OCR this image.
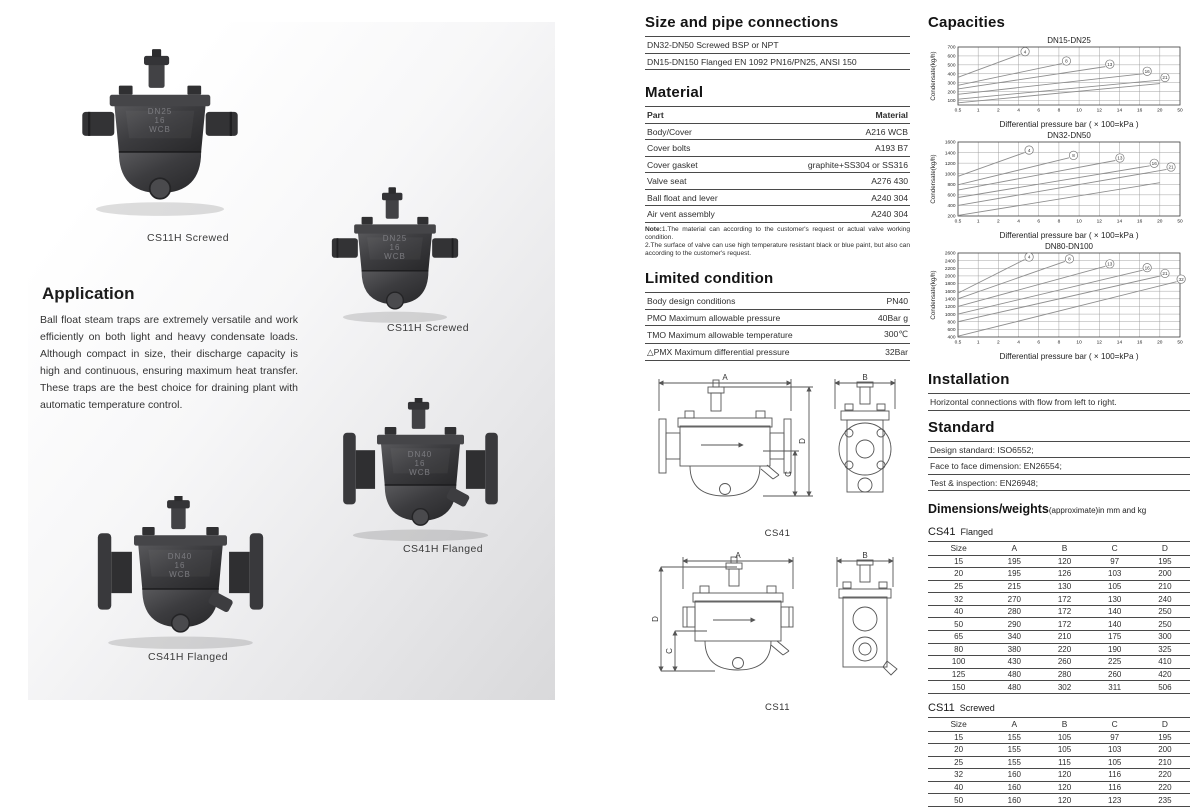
DN25
16
WCB
CS11H Screwed	DN25
16
WCB
CS11H Screwed
DN40
16
WCB
CS41H Flanged
DN40
16
WCB
CS41H Flanged
Application
Ball float steam traps are extremely versatile and work efficiently on both light and heavy condensate loads. Although compact in size, their discharge capacity is high and continuous, ensuring maximum heat transfer. These traps are the best choice for draining plant with automatic temperature control.
Size and pipe connections
DN32-DN50 Screwed BSP or NPT
DN15-DN150 Flanged EN 1092 PN16/PN25, ANSI 150
Material
Part	Material
Body/Cover	A216 WCB
Cover bolts	A193 B7
Cover gasket	graphite+SS304 or SS316
Valve seat	A276 430
Ball float and lever	A240 304
Air vent assembly	A240 304
Note:1.The material can according to the customer's request or actual valve working condition.
2.The surface of valve can use high temperature resistant black or blue paint, but also can according to the customer's request.
Limited condition
Body design conditions	PN40
PMO Maximum allowable pressure	40Bar g
TMO Maximum allowable temperature	300℃
△PMX Maximum differential pressure	32Bar
A	B
C
D
CS41
A	B
C
D
CS11
Capacities
DN15-DN25
0.5	1	2	4	6	8	10	12	14	16	20	50
100
200
300
400
500
600
700
4
8
13
16
21
Condensate(kg/h)
Differential pressure bar ( × 100=kPa )
DN32-DN50
0.5	1	2	4	6	8	10	12	14	16	20	50
200
400
600
800
1000
1200
1400
1600
4
8
13
16
21
Condensate(kg/h)
Differential pressure bar ( × 100=kPa )
DN80-DN100
0.5	1	2	4	6	8	10	12	14	16	20	50
400
600
800
1000
1200
1400
1600
1800
2000
2200
2400
2600
4	8
13
16
21
32
Condensate(kg/h)
Differential pressure bar ( × 100=kPa )
Installation
Horizontal connections with flow from left to right.
Standard
Design standard: ISO6552;
Face to face dimension: EN26554;
Test & inspection: EN26948;
Dimensions/weights(approximate)in mm and kg
CS41 Flanged
Size	A	B	C	D
15	195	120	97	195
20	195	126	103	200
25	215	130	105	210
32	270	172	130	240
40	280	172	140	250
50	290	172	140	250
65	340	210	175	300
80	380	220	190	325
100	430	260	225	410
125	480	280	260	420
150	480	302	311	506
CS11 Screwed
Size	A	B	C	D
15	155	105	97	195
20	155	105	103	200
25	155	115	105	210
32	160	120	116	220
40	160	120	116	220
50	160	120	123	235
